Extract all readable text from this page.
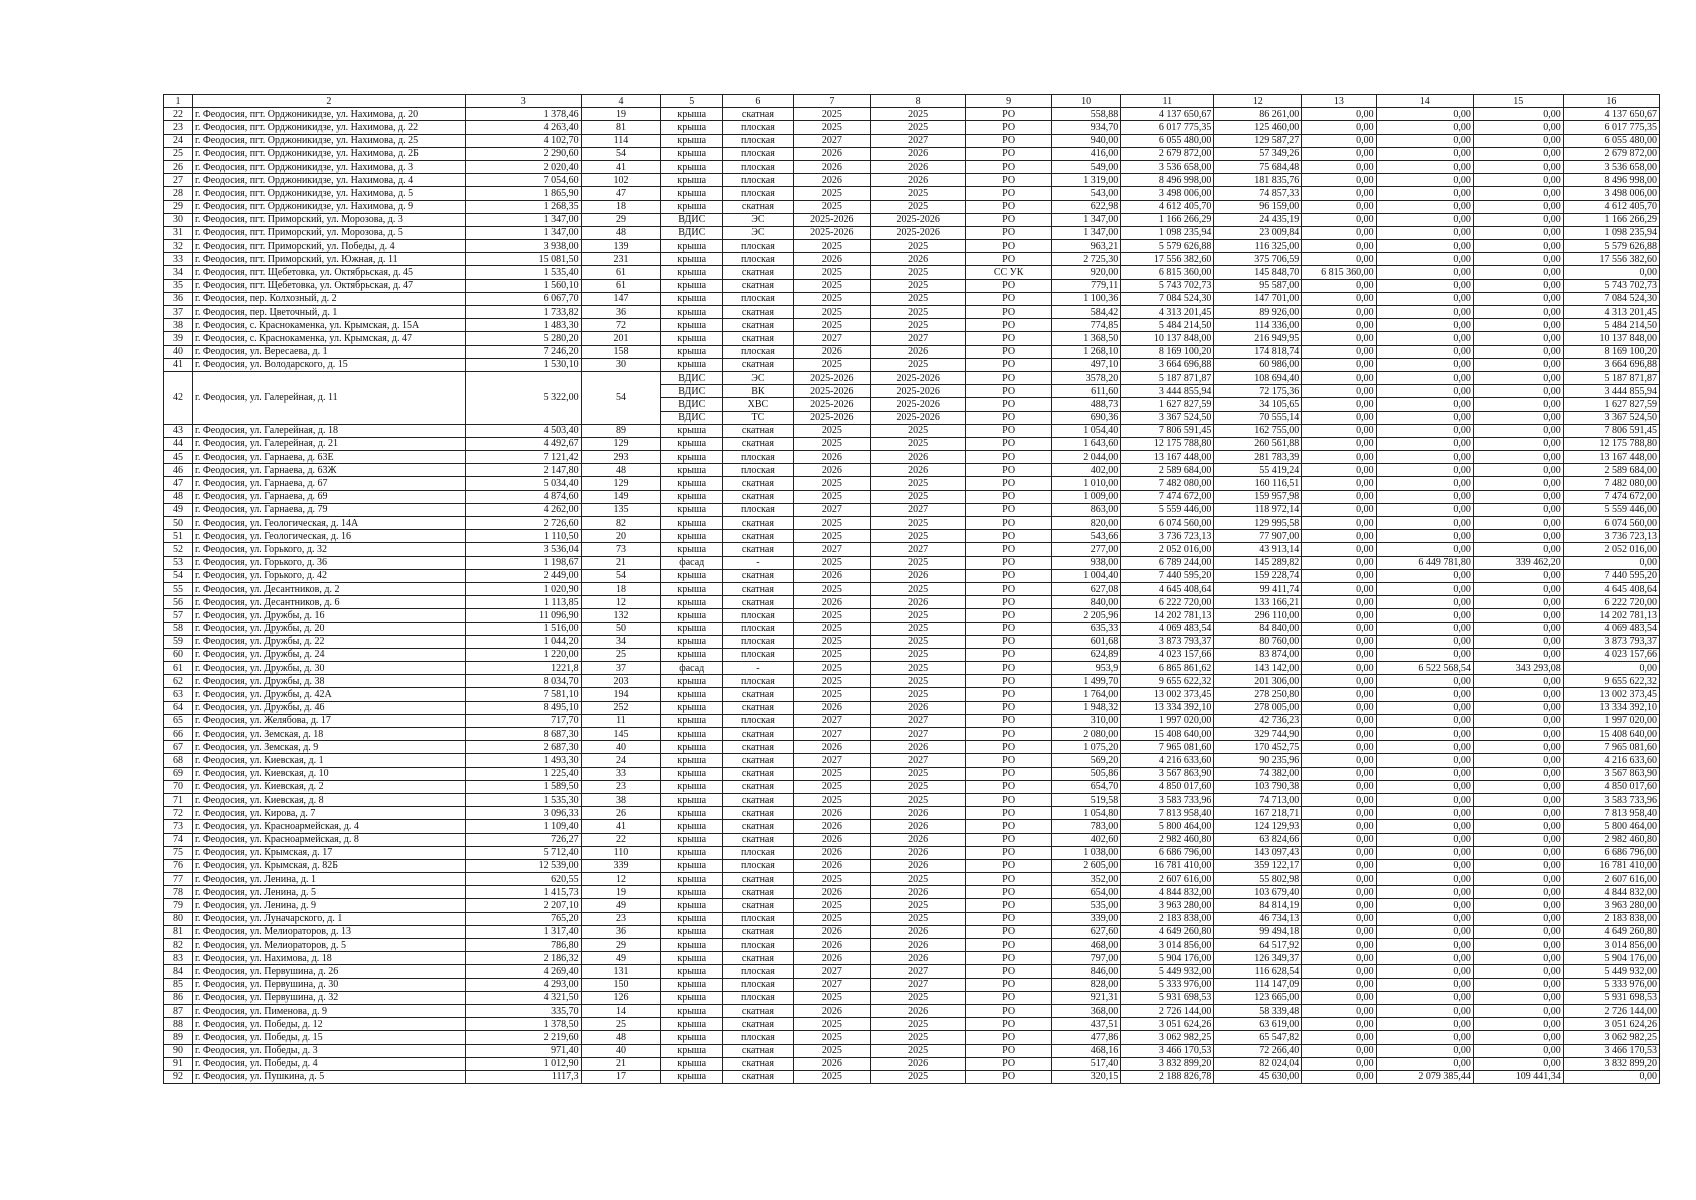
1	2	3	4	5	6	7	8	9	10	11	12	13	14	15	16
22	г. Феодосия, пгт. Орджоникидзе, ул. Нахимова, д. 20	1 378,46	19	крыша	скатная	2025	2025	РО	558,88	4 137 650,67	86 261,00	0,00	0,00	0,00	4 137 650,67
23	г. Феодосия, пгт. Орджоникидзе, ул. Нахимова, д. 22	4 263,40	81	крыша	плоская	2025	2025	РО	934,70	6 017 775,35	125 460,00	0,00	0,00	0,00	6 017 775,35
24	г. Феодосия, пгт. Орджоникидзе, ул. Нахимова, д. 25	4 102,70	114	крыша	плоская	2027	2027	РО	940,00	6 055 480,00	129 587,27	0,00	0,00	0,00	6 055 480,00
25	г. Феодосия, пгт. Орджоникидзе, ул. Нахимова, д. 2Б	2 290,60	54	крыша	плоская	2026	2026	РО	416,00	2 679 872,00	57 349,26	0,00	0,00	0,00	2 679 872,00
26	г. Феодосия, пгт. Орджоникидзе, ул. Нахимова, д. 3	2 020,40	41	крыша	плоская	2026	2026	РО	549,00	3 536 658,00	75 684,48	0,00	0,00	0,00	3 536 658,00
27	г. Феодосия, пгт. Орджоникидзе, ул. Нахимова, д. 4	7 054,60	102	крыша	плоская	2026	2026	РО	1 319,00	8 496 998,00	181 835,76	0,00	0,00	0,00	8 496 998,00
28	г. Феодосия, пгт. Орджоникидзе, ул. Нахимова, д. 5	1 865,90	47	крыша	плоская	2025	2025	РО	543,00	3 498 006,00	74 857,33	0,00	0,00	0,00	3 498 006,00
29	г. Феодосия, пгт. Орджоникидзе, ул. Нахимова, д. 9	1 268,35	18	крыша	скатная	2025	2025	РО	622,98	4 612 405,70	96 159,00	0,00	0,00	0,00	4 612 405,70
30	г. Феодосия, пгт. Приморский, ул. Морозова, д. 3	1 347,00	29	ВДИС	ЭС	2025-2026	2025-2026	РО	1 347,00	1 166 266,29	24 435,19	0,00	0,00	0,00	1 166 266,29
31	г. Феодосия, пгт. Приморский, ул. Морозова, д. 5	1 347,00	48	ВДИС	ЭС	2025-2026	2025-2026	РО	1 347,00	1 098 235,94	23 009,84	0,00	0,00	0,00	1 098 235,94
32	г. Феодосия, пгт. Приморский, ул. Победы, д. 4	3 938,00	139	крыша	плоская	2025	2025	РО	963,21	5 579 626,88	116 325,00	0,00	0,00	0,00	5 579 626,88
33	г. Феодосия, пгт. Приморский, ул. Южная, д. 11	15 081,50	231	крыша	плоская	2026	2026	РО	2 725,30	17 556 382,60	375 706,59	0,00	0,00	0,00	17 556 382,60
34	г. Феодосия, пгт. Щебетовка, ул. Октябрьская, д. 45	1 535,40	61	крыша	скатная	2025	2025	СС УК	920,00	6 815 360,00	145 848,70	6 815 360,00	0,00	0,00	0,00
35	г. Феодосия, пгт. Щебетовка, ул. Октябрьская, д. 47	1 560,10	61	крыша	скатная	2025	2025	РО	779,11	5 743 702,73	95 587,00	0,00	0,00	0,00	5 743 702,73
36	г. Феодосия, пер. Колхозный, д. 2	6 067,70	147	крыша	плоская	2025	2025	РО	1 100,36	7 084 524,30	147 701,00	0,00	0,00	0,00	7 084 524,30
37	г. Феодосия, пер. Цветочный, д. 1	1 733,82	36	крыша	скатная	2025	2025	РО	584,42	4 313 201,45	89 926,00	0,00	0,00	0,00	4 313 201,45
38	г. Феодосия, с. Краснокаменка, ул. Крымская, д. 15А	1 483,30	72	крыша	скатная	2025	2025	РО	774,85	5 484 214,50	114 336,00	0,00	0,00	0,00	5 484 214,50
39	г. Феодосия, с. Краснокаменка, ул. Крымская, д. 47	5 280,20	201	крыша	скатная	2027	2027	РО	1 368,50	10 137 848,00	216 949,95	0,00	0,00	0,00	10 137 848,00
40	г. Феодосия, ул. Вересаева, д. 1	7 246,20	158	крыша	плоская	2026	2026	РО	1 268,10	8 169 100,20	174 818,74	0,00	0,00	0,00	8 169 100,20
41	г. Феодосия, ул. Володарского, д. 15	1 530,10	30	крыша	скатная	2025	2025	РО	497,10	3 664 696,88	60 986,00	0,00	0,00	0,00	3 664 696,88
42	г. Феодосия, ул. Галерейная, д. 11	5 322,00	54	ВДИС	ЭС	2025-2026	2025-2026	РО	3578,20	5 187 871,87	108 694,40	0,00	0,00	0,00	5 187 871,87
				ВДИС	ВК	2025-2026	2025-2026	РО	611,60	3 444 855,94	72 175,36	0,00	0,00	0,00	3 444 855,94
				ВДИС	ХВС	2025-2026	2025-2026	РО	488,73	1 627 827,59	34 105,65	0,00	0,00	0,00	1 627 827,59
				ВДИС	ТС	2025-2026	2025-2026	РО	690,36	3 367 524,50	70 555,14	0,00	0,00	0,00	3 367 524,50
43	г. Феодосия, ул. Галерейная, д. 18	4 503,40	89	крыша	скатная	2025	2025	РО	1 054,40	7 806 591,45	162 755,00	0,00	0,00	0,00	7 806 591,45
44	г. Феодосия, ул. Галерейная, д. 21	4 492,67	129	крыша	скатная	2025	2025	РО	1 643,60	12 175 788,80	260 561,88	0,00	0,00	0,00	12 175 788,80
45	г. Феодосия, ул. Гарнаева, д. 63Е	7 121,42	293	крыша	плоская	2026	2026	РО	2 044,00	13 167 448,00	281 783,39	0,00	0,00	0,00	13 167 448,00
46	г. Феодосия, ул. Гарнаева, д. 63Ж	2 147,80	48	крыша	плоская	2026	2026	РО	402,00	2 589 684,00	55 419,24	0,00	0,00	0,00	2 589 684,00
47	г. Феодосия, ул. Гарнаева, д. 67	5 034,40	129	крыша	скатная	2025	2025	РО	1 010,00	7 482 080,00	160 116,51	0,00	0,00	0,00	7 482 080,00
48	г. Феодосия, ул. Гарнаева, д. 69	4 874,60	149	крыша	скатная	2025	2025	РО	1 009,00	7 474 672,00	159 957,98	0,00	0,00	0,00	7 474 672,00
49	г. Феодосия, ул. Гарнаева, д. 79	4 262,00	135	крыша	плоская	2027	2027	РО	863,00	5 559 446,00	118 972,14	0,00	0,00	0,00	5 559 446,00
50	г. Феодосия, ул. Геологическая, д. 14А	2 726,60	82	крыша	скатная	2025	2025	РО	820,00	6 074 560,00	129 995,58	0,00	0,00	0,00	6 074 560,00
51	г. Феодосия, ул. Геологическая, д. 16	1 110,50	20	крыша	скатная	2025	2025	РО	543,66	3 736 723,13	77 907,00	0,00	0,00	0,00	3 736 723,13
52	г. Феодосия, ул. Горького, д. 32	3 536,04	73	крыша	скатная	2027	2027	РО	277,00	2 052 016,00	43 913,14	0,00	0,00	0,00	2 052 016,00
53	г. Феодосия, ул. Горького, д. 36	1 198,67	21	фасад	-	2025	2025	РО	938,00	6 789 244,00	145 289,82	0,00	6 449 781,80	339 462,20	0,00
54	г. Феодосия, ул. Горького, д. 42	2 449,00	54	крыша	скатная	2026	2026	РО	1 004,40	7 440 595,20	159 228,74	0,00	0,00	0,00	7 440 595,20
55	г. Феодосия, ул. Десантников, д. 2	1 020,90	18	крыша	скатная	2025	2025	РО	627,08	4 645 408,64	99 411,74	0,00	0,00	0,00	4 645 408,64
56	г. Феодосия, ул. Десантников, д. 6	1 113,85	12	крыша	скатная	2026	2026	РО	840,00	6 222 720,00	133 166,21	0,00	0,00	0,00	6 222 720,00
57	г. Феодосия, ул. Дружбы, д. 16	11 096,90	132	крыша	плоская	2025	2025	РО	2 205,96	14 202 781,13	296 110,00	0,00	0,00	0,00	14 202 781,13
58	г. Феодосия, ул. Дружбы, д. 20	1 516,00	50	крыша	плоская	2025	2025	РО	635,33	4 069 483,54	84 840,00	0,00	0,00	0,00	4 069 483,54
59	г. Феодосия, ул. Дружбы, д. 22	1 044,20	34	крыша	плоская	2025	2025	РО	601,68	3 873 793,37	80 760,00	0,00	0,00	0,00	3 873 793,37
60	г. Феодосия, ул. Дружбы, д. 24	1 220,00	25	крыша	плоская	2025	2025	РО	624,89	4 023 157,66	83 874,00	0,00	0,00	0,00	4 023 157,66
61	г. Феодосия, ул. Дружбы, д. 30	1221,8	37	фасад	-	2025	2025	РО	953,9	6 865 861,62	143 142,00	0,00	6 522 568,54	343 293,08	0,00
62	г. Феодосия, ул. Дружбы, д. 38	8 034,70	203	крыша	плоская	2025	2025	РО	1 499,70	9 655 622,32	201 306,00	0,00	0,00	0,00	9 655 622,32
63	г. Феодосия, ул. Дружбы, д. 42А	7 581,10	194	крыша	скатная	2025	2025	РО	1 764,00	13 002 373,45	278 250,80	0,00	0,00	0,00	13 002 373,45
64	г. Феодосия, ул. Дружбы, д. 46	8 495,10	252	крыша	скатная	2026	2026	РО	1 948,32	13 334 392,10	278 005,00	0,00	0,00	0,00	13 334 392,10
65	г. Феодосия, ул. Желябова, д. 17	717,70	11	крыша	плоская	2027	2027	РО	310,00	1 997 020,00	42 736,23	0,00	0,00	0,00	1 997 020,00
66	г. Феодосия, ул. Земская, д. 18	8 687,30	145	крыша	скатная	2027	2027	РО	2 080,00	15 408 640,00	329 744,90	0,00	0,00	0,00	15 408 640,00
67	г. Феодосия, ул. Земская, д. 9	2 687,30	40	крыша	скатная	2026	2026	РО	1 075,20	7 965 081,60	170 452,75	0,00	0,00	0,00	7 965 081,60
68	г. Феодосия, ул. Киевская, д. 1	1 493,30	24	крыша	скатная	2027	2027	РО	569,20	4 216 633,60	90 235,96	0,00	0,00	0,00	4 216 633,60
69	г. Феодосия, ул. Киевская, д. 10	1 225,40	33	крыша	скатная	2025	2025	РО	505,86	3 567 863,90	74 382,00	0,00	0,00	0,00	3 567 863,90
70	г. Феодосия, ул. Киевская, д. 2	1 589,50	23	крыша	скатная	2025	2025	РО	654,70	4 850 017,60	103 790,38	0,00	0,00	0,00	4 850 017,60
71	г. Феодосия, ул. Киевская, д. 8	1 535,30	38	крыша	скатная	2025	2025	РО	519,58	3 583 733,96	74 713,00	0,00	0,00	0,00	3 583 733,96
72	г. Феодосия, ул. Кирова, д. 7	3 096,33	26	крыша	скатная	2026	2026	РО	1 054,80	7 813 958,40	167 218,71	0,00	0,00	0,00	7 813 958,40
73	г. Феодосия, ул. Красноармейская, д. 4	1 109,40	41	крыша	скатная	2026	2026	РО	783,00	5 800 464,00	124 129,93	0,00	0,00	0,00	5 800 464,00
74	г. Феодосия, ул. Красноармейская, д. 8	726,27	22	крыша	скатная	2026	2026	РО	402,60	2 982 460,80	63 824,66	0,00	0,00	0,00	2 982 460,80
75	г. Феодосия, ул. Крымская, д. 17	5 712,40	110	крыша	плоская	2026	2026	РО	1 038,00	6 686 796,00	143 097,43	0,00	0,00	0,00	6 686 796,00
76	г. Феодосия, ул. Крымская, д. 82Б	12 539,00	339	крыша	плоская	2026	2026	РО	2 605,00	16 781 410,00	359 122,17	0,00	0,00	0,00	16 781 410,00
77	г. Феодосия, ул. Ленина, д. 1	620,55	12	крыша	скатная	2025	2025	РО	352,00	2 607 616,00	55 802,98	0,00	0,00	0,00	2 607 616,00
78	г. Феодосия, ул. Ленина, д. 5	1 415,73	19	крыша	скатная	2026	2026	РО	654,00	4 844 832,00	103 679,40	0,00	0,00	0,00	4 844 832,00
79	г. Феодосия, ул. Ленина, д. 9	2 207,10	49	крыша	скатная	2025	2025	РО	535,00	3 963 280,00	84 814,19	0,00	0,00	0,00	3 963 280,00
80	г. Феодосия, ул. Луначарского, д. 1	765,20	23	крыша	плоская	2025	2025	РО	339,00	2 183 838,00	46 734,13	0,00	0,00	0,00	2 183 838,00
81	г. Феодосия, ул. Мелиораторов, д. 13	1 317,40	36	крыша	скатная	2026	2026	РО	627,60	4 649 260,80	99 494,18	0,00	0,00	0,00	4 649 260,80
82	г. Феодосия, ул. Мелиораторов, д. 5	786,80	29	крыша	плоская	2026	2026	РО	468,00	3 014 856,00	64 517,92	0,00	0,00	0,00	3 014 856,00
83	г. Феодосия, ул. Нахимова, д. 18	2 186,32	49	крыша	скатная	2026	2026	РО	797,00	5 904 176,00	126 349,37	0,00	0,00	0,00	5 904 176,00
84	г. Феодосия, ул. Первушина, д. 26	4 269,40	131	крыша	плоская	2027	2027	РО	846,00	5 449 932,00	116 628,54	0,00	0,00	0,00	5 449 932,00
85	г. Феодосия, ул. Первушина, д. 30	4 293,00	150	крыша	плоская	2027	2027	РО	828,00	5 333 976,00	114 147,09	0,00	0,00	0,00	5 333 976,00
86	г. Феодосия, ул. Первушина, д. 32	4 321,50	126	крыша	плоская	2025	2025	РО	921,31	5 931 698,53	123 665,00	0,00	0,00	0,00	5 931 698,53
87	г. Феодосия, ул. Пименова, д. 9	335,70	14	крыша	скатная	2026	2026	РО	368,00	2 726 144,00	58 339,48	0,00	0,00	0,00	2 726 144,00
88	г. Феодосия, ул. Победы, д. 12	1 378,50	25	крыша	скатная	2025	2025	РО	437,51	3 051 624,26	63 619,00	0,00	0,00	0,00	3 051 624,26
89	г. Феодосия, ул. Победы, д. 15	2 219,60	48	крыша	плоская	2025	2025	РО	477,86	3 062 982,25	65 547,82	0,00	0,00	0,00	3 062 982,25
90	г. Феодосия, ул. Победы, д. 3	971,40	40	крыша	скатная	2025	2025	РО	468,16	3 466 170,53	72 266,40	0,00	0,00	0,00	3 466 170,53
91	г. Феодосия, ул. Победы, д. 4	1 012,90	21	крыша	скатная	2026	2026	РО	517,40	3 832 899,20	82 024,04	0,00	0,00	0,00	3 832 899,20
92	г. Феодосия, ул. Пушкина, д. 5	1117,3	17	крыша	скатная	2025	2025	РО	320,15	2 188 826,78	45 630,00	0,00	2 079 385,44	109 441,34	0,00
